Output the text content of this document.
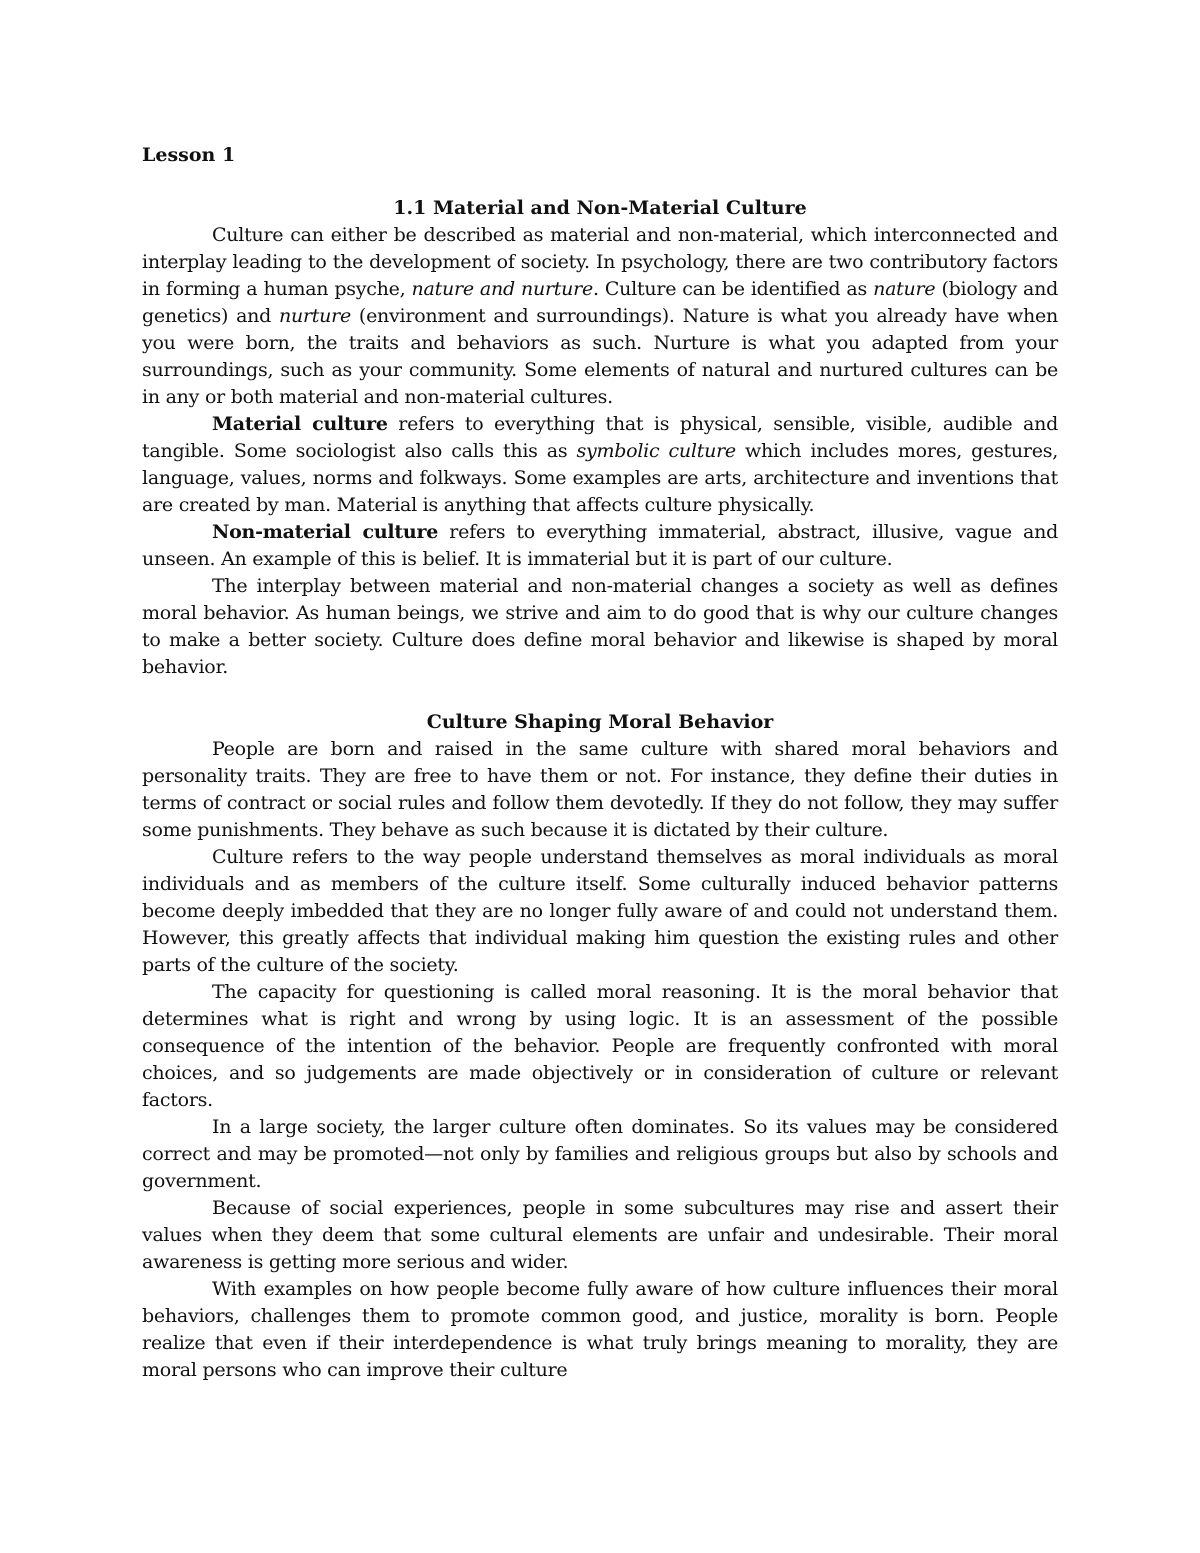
Lesson 1
1.1 Material and Non-Material Culture

Culture can either be described as material and non-material, which interconnected and interplay leading to the development of society. In psychology, there are two contributory factors in forming a human psyche, nature and nurture. Culture can be identified as nature (biology and genetics) and nurture (environment and surroundings). Nature is what you already have when you were born, the traits and behaviors as such. Nurture is what you adapted from your surroundings, such as your community. Some elements of natural and nurtured cultures can be in any or both material and non-material cultures.

Material culture refers to everything that is physical, sensible, visible, audible and tangible. Some sociologist also calls this as symbolic culture which includes mores, gestures, language, values, norms and folkways. Some examples are arts, architecture and inventions that are created by man. Material is anything that affects culture physically.

Non-material culture refers to everything immaterial, abstract, illusive, vague and unseen. An example of this is belief. It is immaterial but it is part of our culture.

The interplay between material and non-material changes a society as well as defines moral behavior. As human beings, we strive and aim to do good that is why our culture changes to make a better society. Culture does define moral behavior and likewise is shaped by moral behavior.

Culture Shaping Moral Behavior

People are born and raised in the same culture with shared moral behaviors and personality traits. They are free to have them or not. For instance, they define their duties in terms of contract or social rules and follow them devotedly. If they do not follow, they may suffer some punishments. They behave as such because it is dictated by their culture.

Culture refers to the way people understand themselves as moral individuals as moral individuals and as members of the culture itself. Some culturally induced behavior patterns become deeply imbedded that they are no longer fully aware of and could not understand them. However, this greatly affects that individual making him question the existing rules and other parts of the culture of the society.

The capacity for questioning is called moral reasoning. It is the moral behavior that determines what is right and wrong by using logic. It is an assessment of the possible consequence of the intention of the behavior. People are frequently confronted with moral choices, and so judgements are made objectively or in consideration of culture or relevant factors.

In a large society, the larger culture often dominates. So its values may be considered correct and may be promoted—not only by families and religious groups but also by schools and government.

Because of social experiences, people in some subcultures may rise and assert their values when they deem that some cultural elements are unfair and undesirable. Their moral awareness is getting more serious and wider.

With examples on how people become fully aware of how culture influences their moral behaviors, challenges them to promote common good, and justice, morality is born. People realize that even if their interdependence is what truly brings meaning to morality, they are moral persons who can improve their culture
